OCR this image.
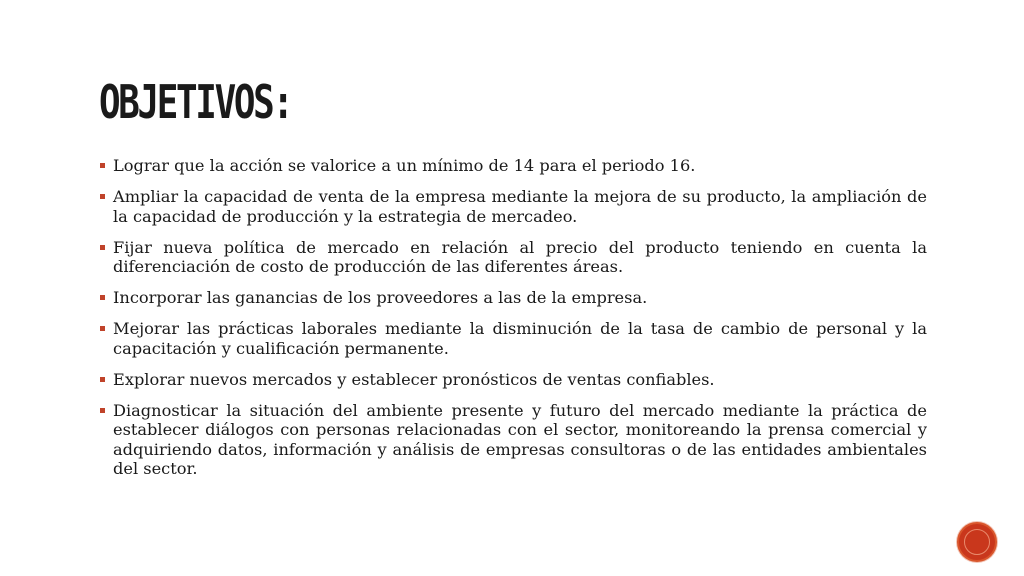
OBJETIVOS:
Lograr que la acción se valorice a un mínimo de 14 para el periodo 16.
Ampliar la capacidad de venta de la empresa mediante la mejora de su producto, la ampliación de la capacidad de producción y la estrategia de mercadeo.
Fijar nueva política de mercado en relación al precio del producto teniendo en cuenta la diferenciación de costo de producción de las diferentes áreas.
Incorporar las ganancias de los proveedores a las de la empresa.
Mejorar las prácticas laborales mediante la disminución de la tasa de cambio de personal y la capacitación y cualificación permanente.
Explorar nuevos mercados y establecer pronósticos de ventas confiables.
Diagnosticar la situación del ambiente presente y futuro del mercado mediante la práctica de establecer diálogos con personas relacionadas con el sector, monitoreando la prensa comercial y adquiriendo datos, información y análisis de empresas consultoras o de las entidades ambientales del sector.
